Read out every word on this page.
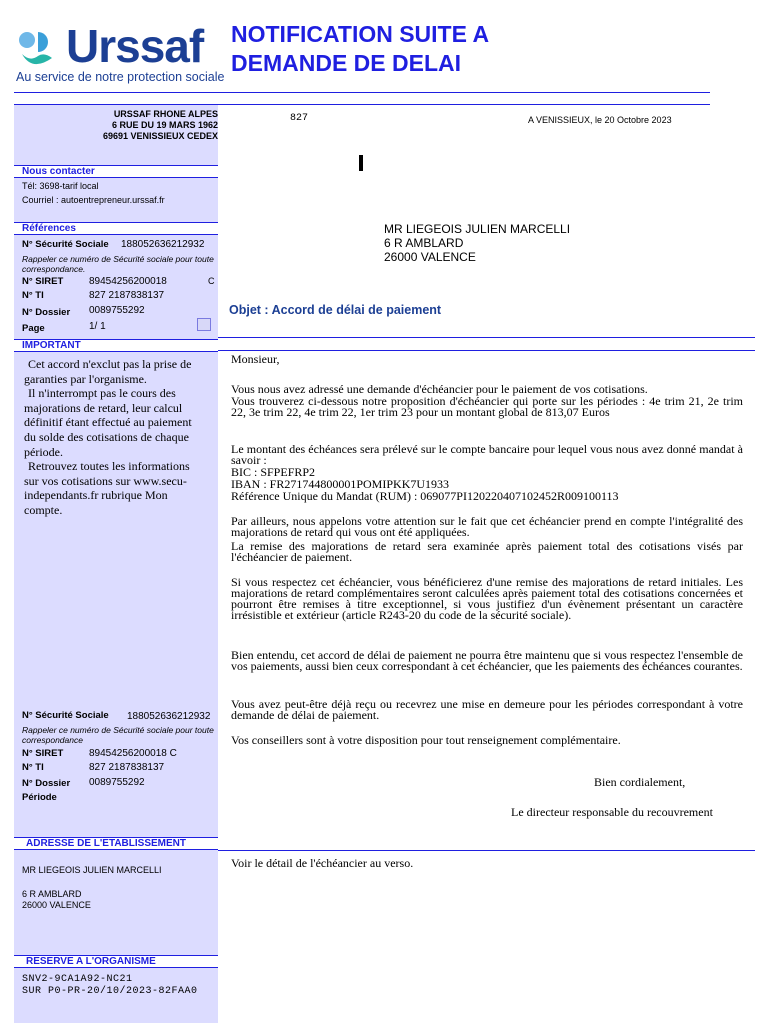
Urssaf
Au service de notre protection sociale
NOTIFICATION SUITE A
DEMANDE DE DELAI
URSSAF RHONE ALPES
6 RUE DU 19 MARS 1962
69691 VENISSIEUX CEDEX
827	A VENISSIEUX, le 20 Octobre 2023
Nous contacter
Tél: 3698-tarif local
Courriel : autoentrepreneur.urssaf.fr
Références
N° Sécurité Sociale 188052636212932
Rappeler ce numéro de Sécurité sociale pour toute correspondance.
N° SIRET	89454256200018	C
N° TI	827 2187838137
N° Dossier 0089755292
Page	1/ 1
IMPORTANT

Cet accord n'exclut pas la prise de garanties par l'organisme.

Il n'interrompt pas le cours des majorations de retard, leur calcul définitif étant effectué au paiement du solde des cotisations de chaque période.

Retrouvez toutes les informations sur vos cotisations sur www.secu-independants.fr rubrique Mon compte.

MR LIEGEOIS JULIEN MARCELLI
6 R AMBLARD
26000 VALENCE
Objet : Accord de délai de paiement
Monsieur,
Vous nous avez adressé une demande d'échéancier pour le paiement de vos cotisations.
Vous trouverez ci-dessous notre proposition d'échéancier qui porte sur les périodes : 4e trim 21, 2e trim 22, 3e trim 22, 4e trim 22, 1er trim 23 pour un montant global de 813,07 Euros
Le montant des échéances sera prélevé sur le compte bancaire pour lequel vous nous avez donné mandat à savoir :
BIC : SFPEFRP2
IBAN : FR271744800001POMIPKK7U1933
Référence Unique du Mandat (RUM) : 069077PI120220407102452R009100113
Par ailleurs, nous appelons votre attention sur le fait que cet échéancier prend en compte l'intégralité des majorations de retard qui vous ont été appliquées.
La remise des majorations de retard sera examinée après paiement total des cotisations visés par l'échéancier de paiement.
Si vous respectez cet échéancier, vous bénéficierez d'une remise des majorations de retard initiales. Les majorations de retard complémentaires seront calculées après paiement total des cotisations concernées et pourront être remises à titre exceptionnel, si vous justifiez d'un évènement présentant un caractère irrésistible et extérieur (article R243-20 du code de la sécurité sociale).
Bien entendu, cet accord de délai de paiement ne pourra être maintenu que si vous respectez l'ensemble de vos paiements, aussi bien ceux correspondant à cet échéancier, que les paiements des échéances courantes.
Vous avez peut-être déjà reçu ou recevrez une mise en demeure pour les périodes correspondant à votre demande de délai de paiement.
Vos conseillers sont à votre disposition pour tout renseignement complémentaire.
Bien cordialement,
Le directeur responsable du recouvrement
Voir le détail de l'échéancier au verso.
N° Sécurité Sociale 188052636212932
Rappeler ce numéro de Sécurité sociale pour toute correspondance
N° SIRET	89454256200018 C
N° TI	827 2187838137
N° Dossier 0089755292
Période
ADRESSE DE L'ETABLISSEMENT
MR LIEGEOIS JULIEN MARCELLI
6 R AMBLARD
26000 VALENCE
RESERVE A L'ORGANISME
SNV2-9CA1A92-NC21
SUR P0-PR-20/10/2023-82FAA0
